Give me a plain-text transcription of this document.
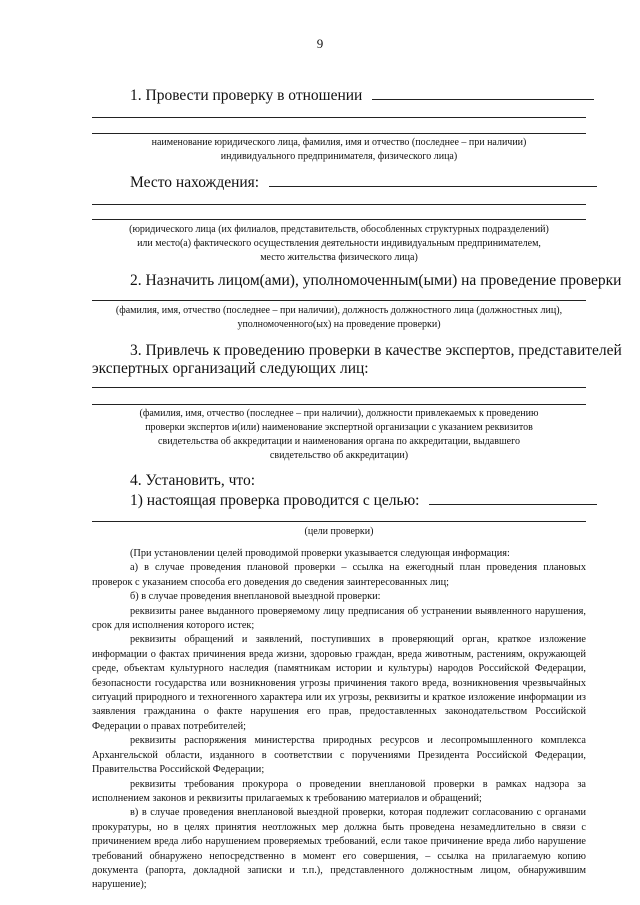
9
1. Провести проверку в отношении
наименование юридического лица, фамилия, имя и отчество (последнее – при наличии)
индивидуального предпринимателя, физического лица)
Место нахождения:
(юридического лица (их филиалов, представительств, обособленных структурных подразделений)
или место(а) фактического осуществления деятельности индивидуальным предпринимателем,
место жительства физического лица)
2. Назначить лицом(ами), уполномоченным(ыми) на проведение проверки
(фамилия, имя, отчество (последнее – при наличии), должность должностного лица (должностных лиц),
уполномоченного(ых) на проведение проверки)
3. Привлечь к проведению проверки в качестве экспертов, представителей
экспертных организаций следующих лиц:
(фамилия, имя, отчество (последнее – при наличии), должности привлекаемых к проведению
проверки экспертов и(или) наименование экспертной организации с указанием реквизитов
свидетельства об аккредитации и наименования органа по аккредитации, выдавшего
свидетельство об аккредитации)
4. Установить, что:
1) настоящая проверка проводится с целью:
(цели проверки)

(При установлении целей проводимой проверки указывается следующая информация:

а) в случае проведения плановой проверки – ссылка на ежегодный план проведения плановых проверок с указанием способа его доведения до сведения заинтересованных лиц;

б) в случае проведения внеплановой выездной проверки:

реквизиты ранее выданного проверяемому лицу предписания об устранении выявленного нарушения, срок для исполнения которого истек;

реквизиты обращений и заявлений, поступивших в проверяющий орган, краткое изложение информации о фактах причинения вреда жизни, здоровью граждан, вреда животным, растениям, окружающей среде, объектам культурного наследия (памятникам истории и культуры) народов Российской Федерации, безопасности государства или возникновения угрозы причинения такого вреда, возникновения чрезвычайных ситуаций природного и техногенного характера или их угрозы, реквизиты и краткое изложение информации из заявления гражданина о факте нарушения его прав, предоставленных законодательством Российской Федерации о правах потребителей;

реквизиты распоряжения министерства природных ресурсов и лесопромышленного комплекса Архангельской области, изданного в соответствии с поручениями Президента Российской Федерации, Правительства Российской Федерации;

реквизиты требования прокурора о проведении внеплановой проверки в рамках надзора за исполнением законов и реквизиты прилагаемых к требованию материалов и обращений;

в) в случае проведения внеплановой выездной проверки, которая подлежит согласованию с органами прокуратуры, но в целях принятия неотложных мер должна быть проведена незамедлительно в связи с причинением вреда либо нарушением проверяемых требований, если такое причинение вреда либо нарушение требований обнаружено непосредственно в момент его совершения, – ссылка на прилагаемую копию документа (рапорта, докладной записки и т.п.), представленного должностным лицом, обнаружившим нарушение);
